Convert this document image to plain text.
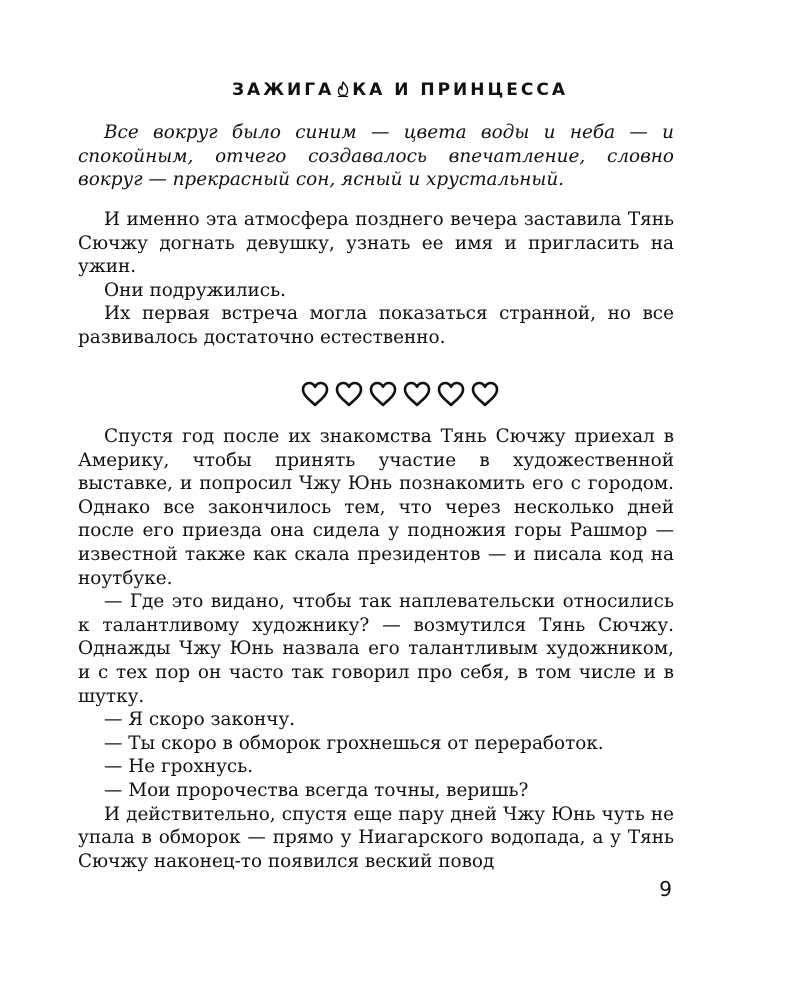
ЗАЖИГА КА И ПРИНЦЕССА

Все вокруг было синим — цвета воды и неба — и спокойным, отчего создавалось впечатление, словно вокруг — прекрасный сон, ясный и хрустальный.

И именно эта атмосфера позднего вечера заставила Тянь Сючжу догнать девушку, узнать ее имя и пригласить на ужин.

Они подружились.

Их первая встреча могла показаться странной, но все развивалось достаточно естественно.

Спустя год после их знакомства Тянь Сючжу приехал в Америку, чтобы принять участие в художественной выставке, и попросил Чжу Юнь познакомить его с городом. Однако все закончилось тем, что через несколько дней после его приезда она сидела у подножия горы Рашмор — известной также как скала президентов — и писала код на ноутбуке.

— Где это видано, чтобы так наплевательски относились к талантливому художнику? — возмутился Тянь Сючжу. Однажды Чжу Юнь назвала его талантливым художником, и с тех пор он часто так говорил про себя, в том числе и в шутку.

— Я скоро закончу.

— Ты скоро в обморок грохнешься от переработок.

— Не грохнусь.

— Мои пророчества всегда точны, веришь?

И действительно, спустя еще пару дней Чжу Юнь чуть не упала в обморок — прямо у Ниагарского водопада, а у Тянь Сючжу наконец-то появился веский повод

9
